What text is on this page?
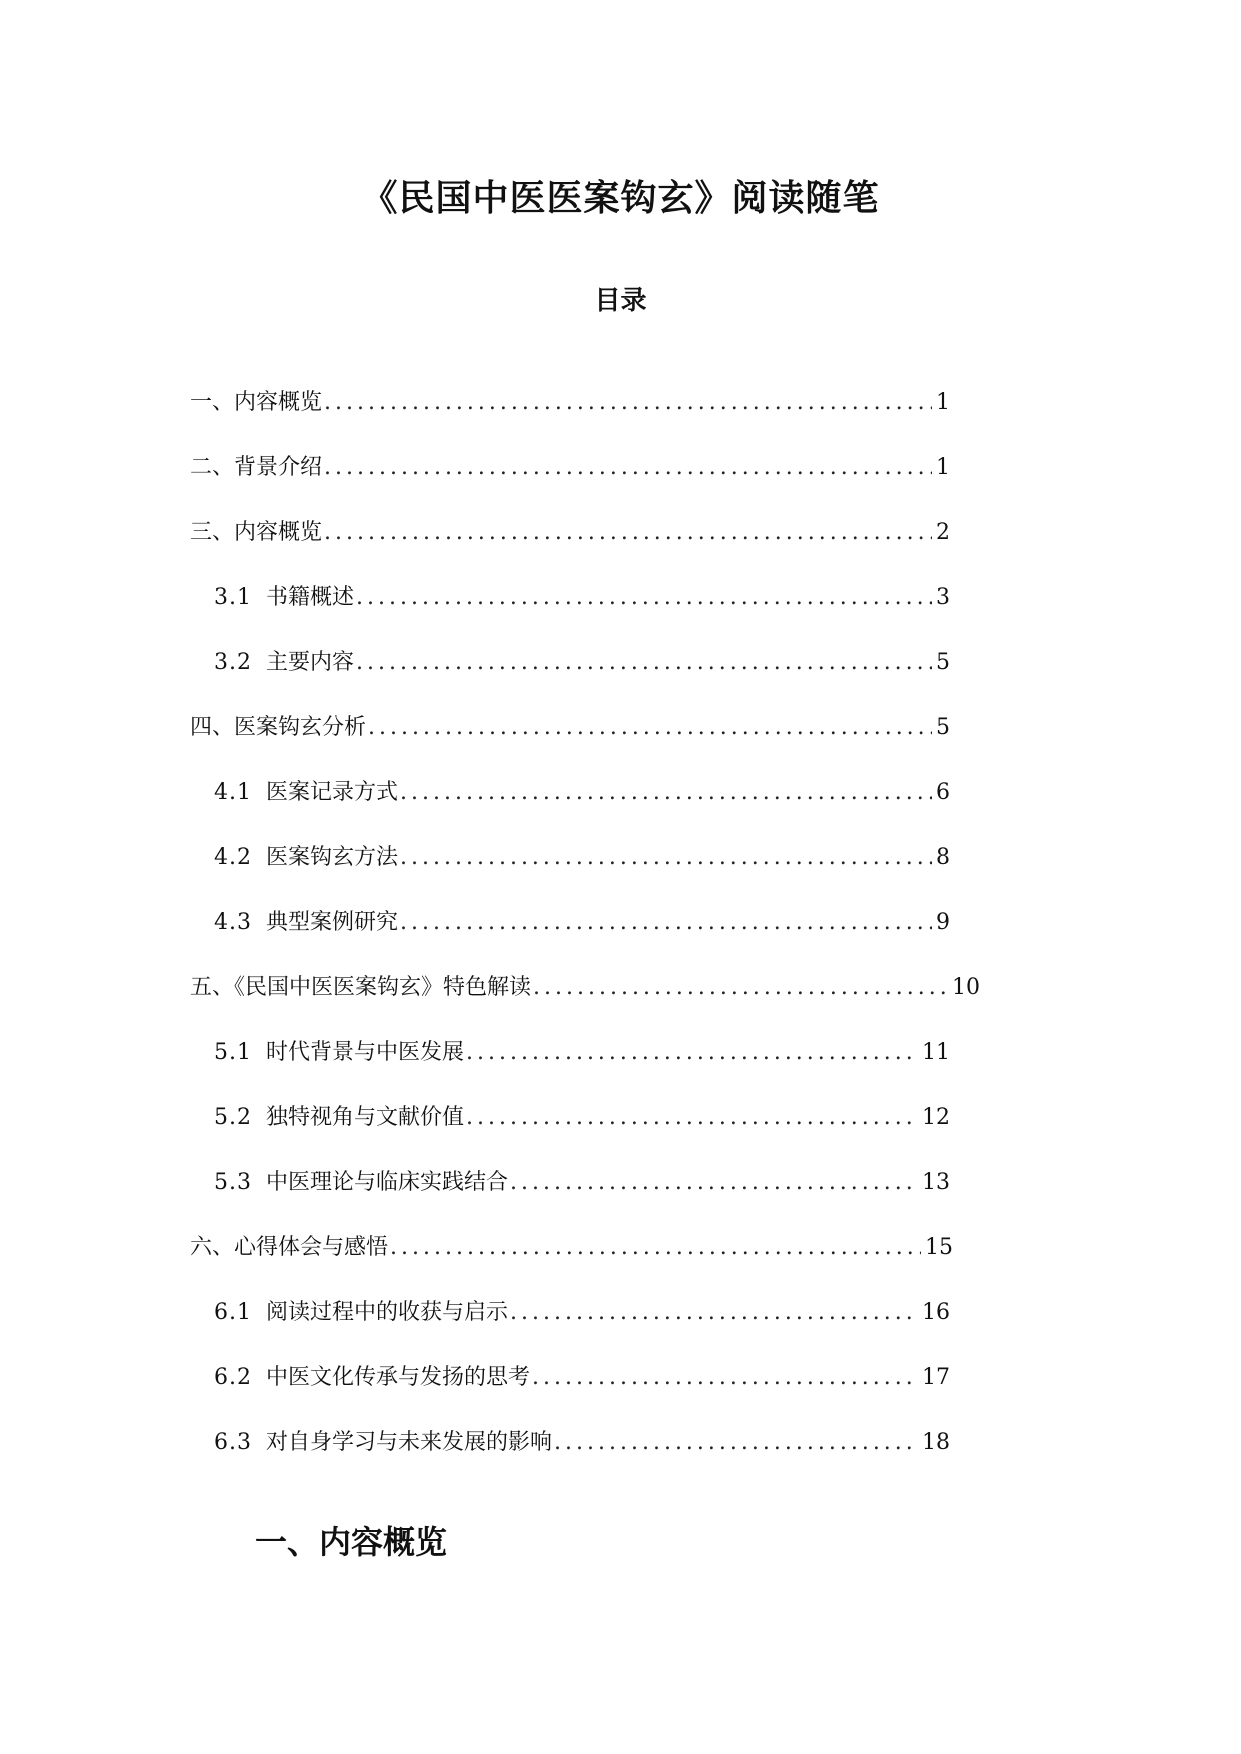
《民国中医医案钩玄》阅读随笔
目录
一、内容概览 .....	1
二、背景介绍 .....	1
三、内容概览 .....	2
3.1 书籍概述 .....	3
3.2 主要内容 .....	5
四、医案钩玄分析 .....	5
4.1 医案记录方式 .....	6
4.2 医案钩玄方法 .....	8
4.3 典型案例研究 .....	9
五、《民国中医医案钩玄》特色解读 .....	10
5.1 时代背景与中医发展 .....	11
5.2 独特视角与文献价值 .....	12
5.3 中医理论与临床实践结合 .....	13
六、心得体会与感悟 .....	15
6.1 阅读过程中的收获与启示 .....	16
6.2 中医文化传承与发扬的思考 .....	17
6.3 对自身学习与未来发展的影响 .....	18
一、内容概览
